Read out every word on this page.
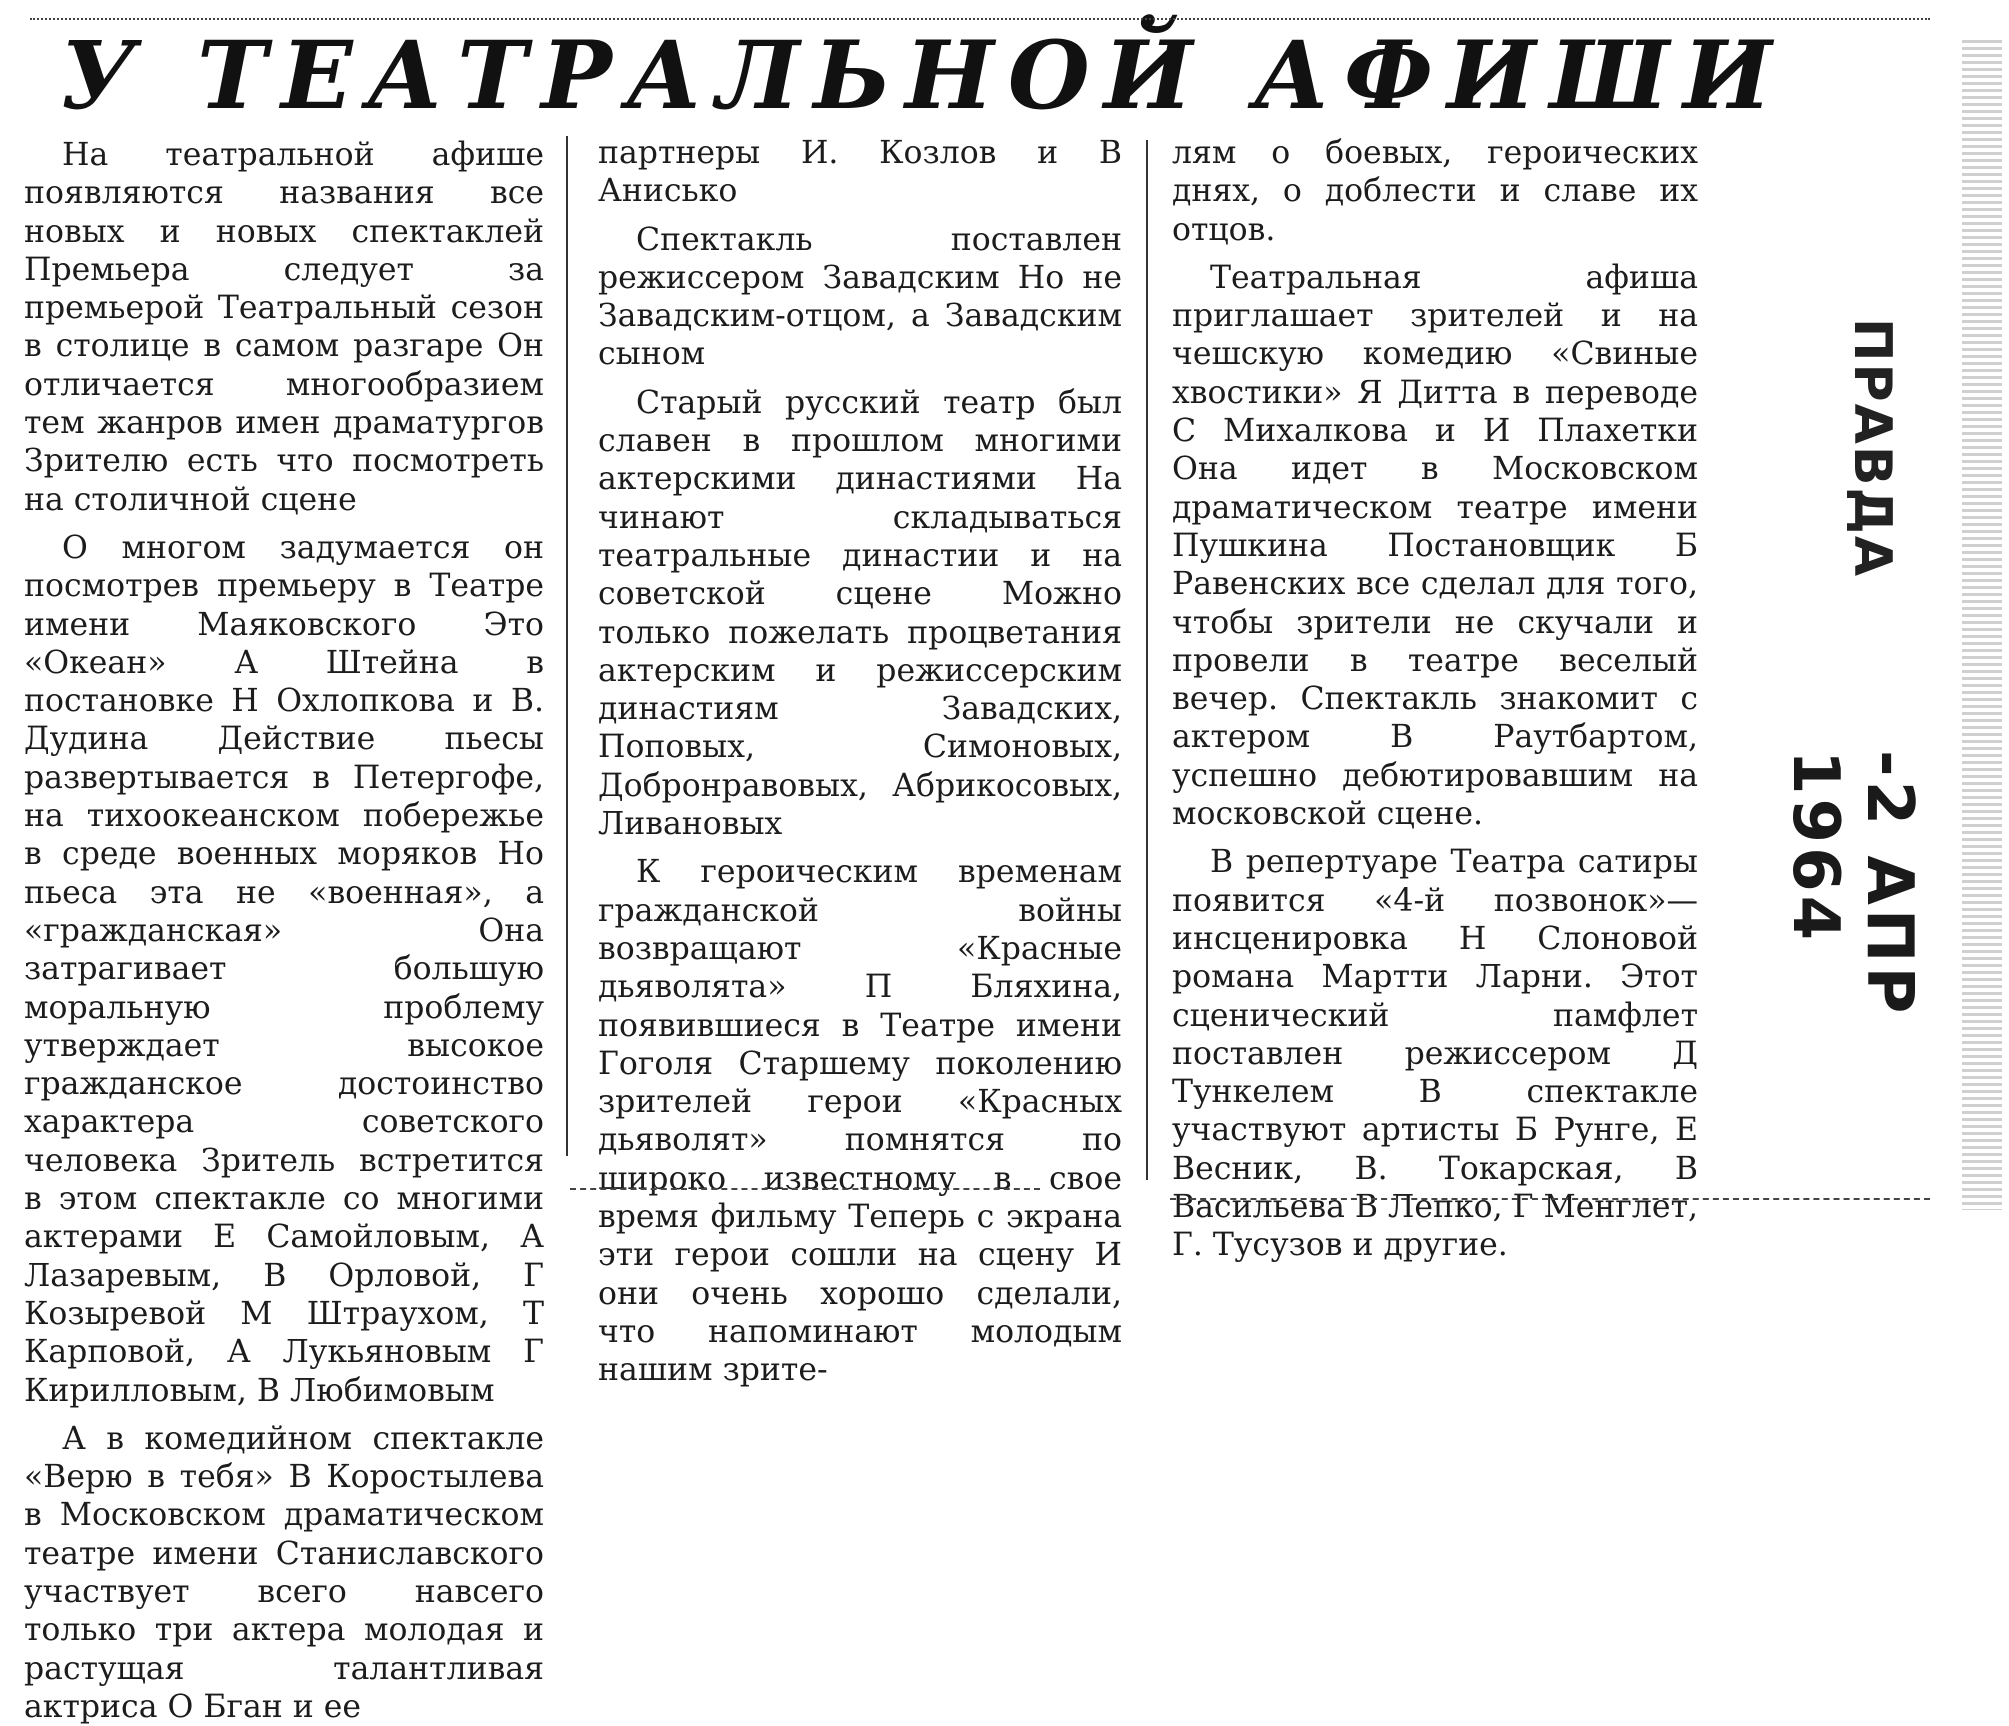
У ТЕАТРАЛЬНОЙ АФИШИ

На театральной афише появляются названия все новых и новых спектаклей Премьера следует за премьерой Театральный сезон в столице в самом разгаре Он отличается многообразием тем жанров имен драматургов Зрителю есть что посмотреть на столичной сцене

О многом задумается он посмотрев премьеру в Театре имени Маяковского Это «Океан» А Штейна в постановке Н Охлопкова и В. Дудина Действие пьесы развертывается в Петергофе, на тихоокеанском побережье в среде военных моряков Но пьеса эта не «военная», а «гражданская» Она затрагивает большую моральную проблему утверждает высокое гражданское достоинство характера советского человека Зритель встретится в этом спектакле со многими актерами Е Самойловым, А Лазаревым, В Орловой, Г Козыревой М Штраухом, Т Карповой, А Лукьяновым Г Кирилловым, В Любимовым

А в комедийном спектакле «Верю в тебя» В Коростылева в Московском драматическом театре имени Станиславского участвует всего навсего только три актера молодая и растущая талантливая актриса О Бган и ее

партнеры И. Козлов и В Анисько

Спектакль поставлен режиссером Завадским Но не Завадским-отцом, а Завадским сыном

Старый русский театр был славен в прошлом многими актерскими династиями На чинают складываться театральные династии и на советской сцене Можно только пожелать процветания актерским и режиссерским династиям Завадских, Поповых, Симоновых, Добронравовых, Абрикосовых, Ливановых

К героическим временам гражданской войны возвращают «Красные дьяволята» П Бляхина, появившиеся в Театре имени Гоголя Старшему поколению зрителей герои «Красных дьяволят» помнятся по широко известному в свое время фильму Теперь с экрана эти герои сошли на сцену И они очень хорошо сделали, что напоминают молодым нашим зрите-

лям о боевых, героических днях, о доблести и славе их отцов.

Театральная афиша приглашает зрителей и на чешскую комедию «Свиные хвостики» Я Дитта в переводе С Михалкова и И Плахетки Она идет в Московском драматическом театре имени Пушкина Постановщик Б Равенских все сделал для того, чтобы зрители не скучали и провели в театре веселый вечер. Спектакль знакомит с актером В Раутбартом, успешно дебютировавшим на московской сцене.

В репертуаре Театра сатиры появится «4-й позвонок»—инсценировка Н Слоновой романа Мартти Ларни. Этот сценический памфлет поставлен режиссером Д Тункелем В спектакле участвуют артисты Б Рунге, Е Весник, В. Токарская, В Васильева В Лепко, Г Менглет, Г. Тусузов и другие.

ПРАВДА
-2 АПР 1964
